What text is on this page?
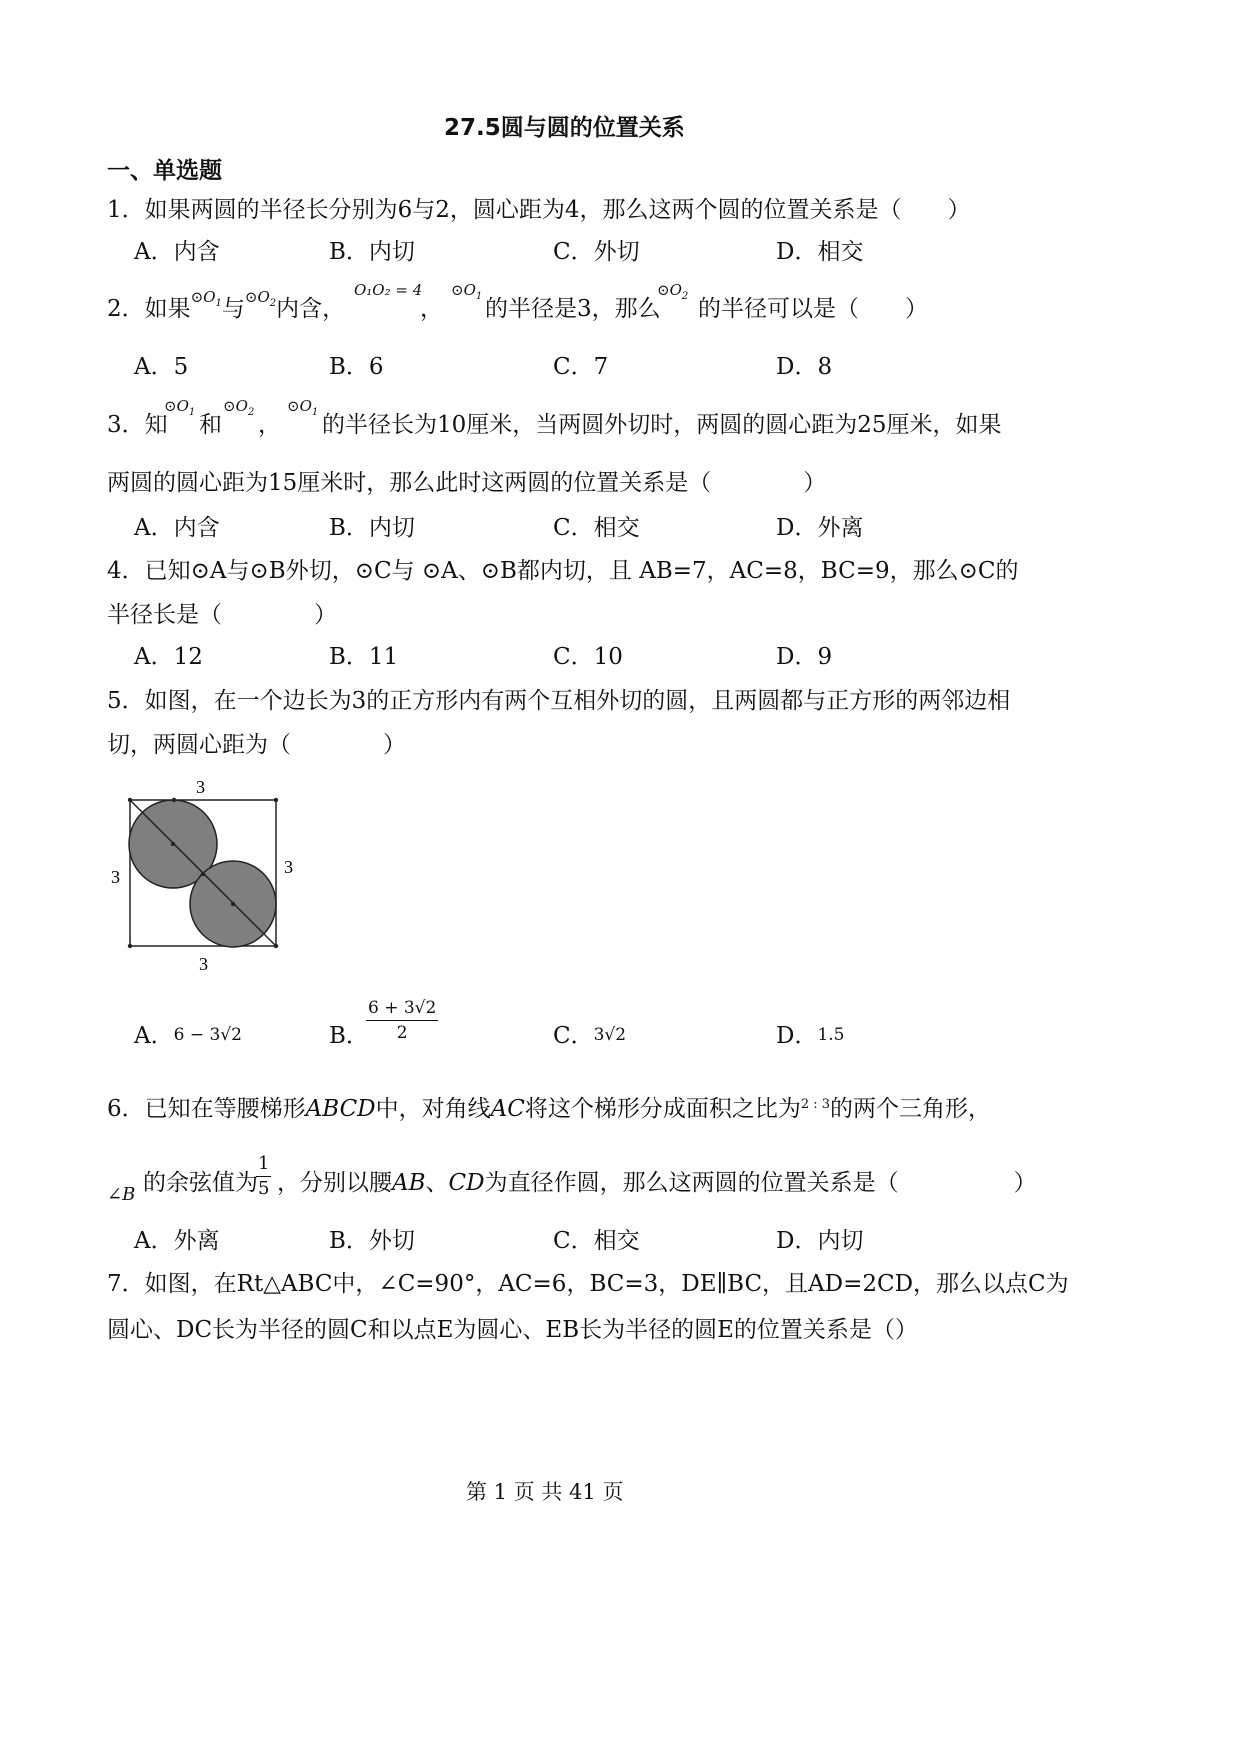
27.5圆与圆的位置关系
一、单选题
1．如果两圆的半径长分别为6与2，圆心距为4，那么这两个圆的位置关系是（　　）
A．内含	B．内切	C．外切	D．相交
2．如果$^{⊙O_1}$与$^{⊙O_2}$内含，
O₁O₂ = 4
，
$⊙O_1$ 的半径是3，那么
$⊙O_2$ 的半径可以是（　　）
A．5	B．6	C．7	D．8
3．知
$⊙O_1$ 和
$⊙O_2$ ，
$⊙O_1$ 的半径长为10厘米，当两圆外切时，两圆的圆心距为25厘米，如果
两圆的圆心距为15厘米时，那么此时这两圆的位置关系是（　　　　）
A．内含	B．内切	C．相交	D．外离
4．已知⊙A与⊙B外切，⊙C与 ⊙A、⊙B都内切，且 AB=7，AC=8，BC=9，那么⊙C的
半径长是（　　　　）
A．12	B．11	C．10	D．9
5．如图，在一个边长为3的正方形内有两个互相外切的圆，且两圆都与正方形的两邻边相
切，两圆心距为（　　　　）
3
3	3
3
A．6 − 3√2	B．
$\frac{6 + 3√2}{2}$	C．3√2	D．1.5
6．已知在等腰梯形ABCD中，对角线AC将这个梯形分成面积之比为$^{2 : 3}$的两个三角形，
∠B 的余弦值为
$\frac{1}{5}$ ，分别以腰AB、CD为直径作圆，那么这两圆的位置关系是（　　　　　）
A．外离	B．外切	C．相交	D．内切
7．如图，在Rt△ABC中，∠C=90°，AC=6，BC=3，DE∥BC，且AD=2CD，那么以点C为
圆心、DC长为半径的圆C和以点E为圆心、EB长为半径的圆E的位置关系是（）
第 1 页 共 41 页
